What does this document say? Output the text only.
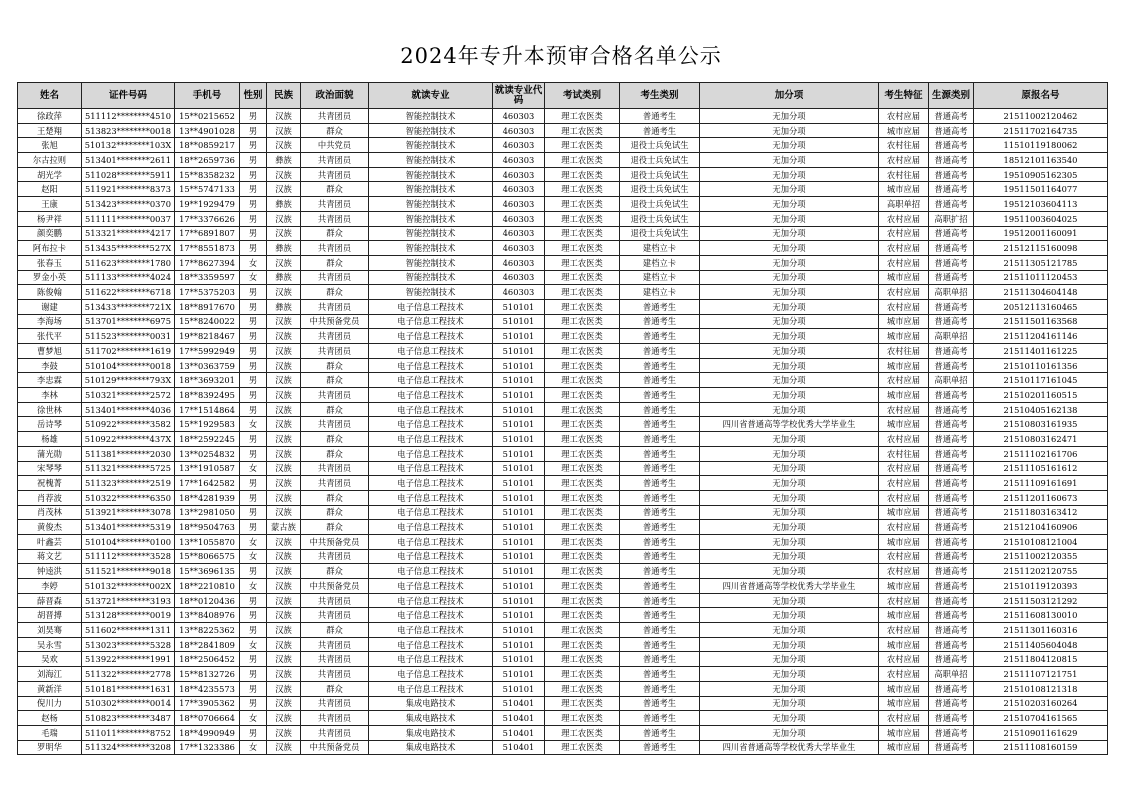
2024年专升本预审合格名单公示
姓名	证件号码	手机号	性别	民族	政治面貌	就读专业	就读专业代码	考试类别	考生类别	加分项	考生特征	生源类别	原报名号
徐政萍	511112********4510	15**0215652	男	汉族	共青团员	智能控制技术	460303	理工农医类	普通考生	无加分项	农村应届	普通高考	21511002120462
王楚翔	513823********0018	13**4901028	男	汉族	群众	智能控制技术	460303	理工农医类	普通考生	无加分项	城市应届	普通高考	21511702164735
张旭	510132********103X	18**0859217	男	汉族	中共党员	智能控制技术	460303	理工农医类	退役士兵免试生	无加分项	农村往届	普通高考	11510119180062
尔古拉则	513401********2611	18**2659736	男	彝族	共青团员	智能控制技术	460303	理工农医类	退役士兵免试生	无加分项	农村应届	普通高考	18512101163540
胡光学	511028********5911	15**8358232	男	汉族	共青团员	智能控制技术	460303	理工农医类	退役士兵免试生	无加分项	农村往届	普通高考	19510905162305
赵阳	511921********8373	15**5747133	男	汉族	群众	智能控制技术	460303	理工农医类	退役士兵免试生	无加分项	城市应届	普通高考	19511501164077
王康	513423********0370	19**1929479	男	彝族	共青团员	智能控制技术	460303	理工农医类	退役士兵免试生	无加分项	高职单招	普通高考	19512103604113
杨尹祥	511111********0037	17**3376626	男	汉族	共青团员	智能控制技术	460303	理工农医类	退役士兵免试生	无加分项	农村应届	高职扩招	19511003604025
颜奕鹏	513321********4217	17**6891807	男	汉族	群众	智能控制技术	460303	理工农医类	退役士兵免试生	无加分项	农村应届	普通高考	19512001160091
阿布拉卡	513435********527X	17**8551873	男	彝族	共青团员	智能控制技术	460303	理工农医类	建档立卡	无加分项	农村应届	普通高考	21512115160098
张春玉	511623********1780	17**8627394	女	汉族	群众	智能控制技术	460303	理工农医类	建档立卡	无加分项	农村应届	普通高考	21511305121785
罗金小英	511133********4024	18**3359597	女	彝族	共青团员	智能控制技术	460303	理工农医类	建档立卡	无加分项	城市应届	普通高考	21511011120453
陈俊翰	511622********6718	17**5375203	男	汉族	群众	智能控制技术	460303	理工农医类	建档立卡	无加分项	农村应届	高职单招	21511304604148
谢建	513433********721X	18**8917670	男	彝族	共青团员	电子信息工程技术	510101	理工农医类	普通考生	无加分项	农村应届	普通高考	20512113160465
李海场	513701********6975	15**8240022	男	汉族	中共预备党员	电子信息工程技术	510101	理工农医类	普通考生	无加分项	城市应届	普通高考	21511501163568
张代平	511523********0031	19**8218467	男	汉族	共青团员	电子信息工程技术	510101	理工农医类	普通考生	无加分项	城市应届	高职单招	21511204161146
曹梦旭	511702********1619	17**5992949	男	汉族	共青团员	电子信息工程技术	510101	理工农医类	普通考生	无加分项	农村往届	普通高考	21511401161225
李鼓	510104********0018	13**0363759	男	汉族	群众	电子信息工程技术	510101	理工农医类	普通考生	无加分项	城市应届	普通高考	21510110161356
李忠霖	510129********793X	18**3693201	男	汉族	群众	电子信息工程技术	510101	理工农医类	普通考生	无加分项	农村应届	高职单招	21510117161045
李林	510321********2572	18**8392495	男	汉族	共青团员	电子信息工程技术	510101	理工农医类	普通考生	无加分项	城市应届	普通高考	21510201160515
徐世林	513401********4036	17**1514864	男	汉族	群众	电子信息工程技术	510101	理工农医类	普通考生	无加分项	农村应届	普通高考	21510405162138
岳诗琴	510922********3582	15**1929583	女	汉族	共青团员	电子信息工程技术	510101	理工农医类	普通考生	四川省普通高等学校优秀大学毕业生	城市应届	普通高考	21510803161935
杨雄	510922********437X	18**2592245	男	汉族	群众	电子信息工程技术	510101	理工农医类	普通考生	无加分项	农村应届	普通高考	21510803162471
蒲光勋	511381********2030	13**0254832	男	汉族	群众	电子信息工程技术	510101	理工农医类	普通考生	无加分项	农村往届	普通高考	21511102161706
宋琴琴	511321********5725	13**1910587	女	汉族	共青团员	电子信息工程技术	510101	理工农医类	普通考生	无加分项	农村应届	普通高考	21511105161612
祝槐菁	511323********2519	17**1642582	男	汉族	共青团员	电子信息工程技术	510101	理工农医类	普通考生	无加分项	农村应届	普通高考	21511109161691
肖荐波	510322********6350	18**4281939	男	汉族	群众	电子信息工程技术	510101	理工农医类	普通考生	无加分项	农村应届	普通高考	21511201160673
肖茂林	513921********3078	13**2981050	男	汉族	群众	电子信息工程技术	510101	理工农医类	普通考生	无加分项	城市应届	普通高考	21511803163412
黄俊杰	513401********5319	18**9504763	男	蒙古族	群众	电子信息工程技术	510101	理工农医类	普通考生	无加分项	农村应届	普通高考	21512104160906
叶鑫芸	510104********0100	13**1055870	女	汉族	中共预备党员	电子信息工程技术	510101	理工农医类	普通考生	无加分项	城市应届	普通高考	21510108121004
蒋文艺	511112********3528	15**8066575	女	汉族	共青团员	电子信息工程技术	510101	理工农医类	普通考生	无加分项	农村应届	普通高考	21511002120355
钟逵洪	511521********9018	15**3696135	男	汉族	群众	电子信息工程技术	510101	理工农医类	普通考生	无加分项	农村应届	普通高考	21511202120755
李婷	510132********002X	18**2210810	女	汉族	中共预备党员	电子信息工程技术	510101	理工农医类	普通考生	四川省普通高等学校优秀大学毕业生	城市应届	普通高考	21510119120393
薛晋森	513721********3193	18**0120436	男	汉族	共青团员	电子信息工程技术	510101	理工农医类	普通考生	无加分项	农村应届	普通高考	21511503121292
胡晋搏	513128********0019	13**8408976	男	汉族	共青团员	电子信息工程技术	510101	理工农医类	普通考生	无加分项	城市应届	普通高考	21511608130010
刘昊骞	511602********1311	13**8225362	男	汉族	群众	电子信息工程技术	510101	理工农医类	普通考生	无加分项	农村应届	普通高考	21511301160316
吴永雪	513023********5328	18**2841809	女	汉族	共青团员	电子信息工程技术	510101	理工农医类	普通考生	无加分项	城市应届	普通高考	21511405604048
吴欢	513922********1991	18**2506452	男	汉族	共青团员	电子信息工程技术	510101	理工农医类	普通考生	无加分项	农村应届	普通高考	21511804120815
刘海江	511322********2778	15**8132726	男	汉族	共青团员	电子信息工程技术	510101	理工农医类	普通考生	无加分项	农村应届	高职单招	21511107121751
黄新洋	510181********1631	18**4235573	男	汉族	群众	电子信息工程技术	510101	理工农医类	普通考生	无加分项	城市应届	普通高考	21510108121318
倪川力	510302********0014	17**3905362	男	汉族	共青团员	集成电路技术	510401	理工农医类	普通考生	无加分项	城市应届	普通高考	21510203160264
赵杨	510823********3487	18**0706664	女	汉族	共青团员	集成电路技术	510401	理工农医类	普通考生	无加分项	农村应届	普通高考	21510704161565
毛瑞	511011********8752	18**4990949	男	汉族	共青团员	集成电路技术	510401	理工农医类	普通考生	无加分项	城市应届	普通高考	21510901161629
罗明华	511324********3208	17**1323386	女	汉族	中共预备党员	集成电路技术	510401	理工农医类	普通考生	四川省普通高等学校优秀大学毕业生	城市应届	普通高考	21511108160159
